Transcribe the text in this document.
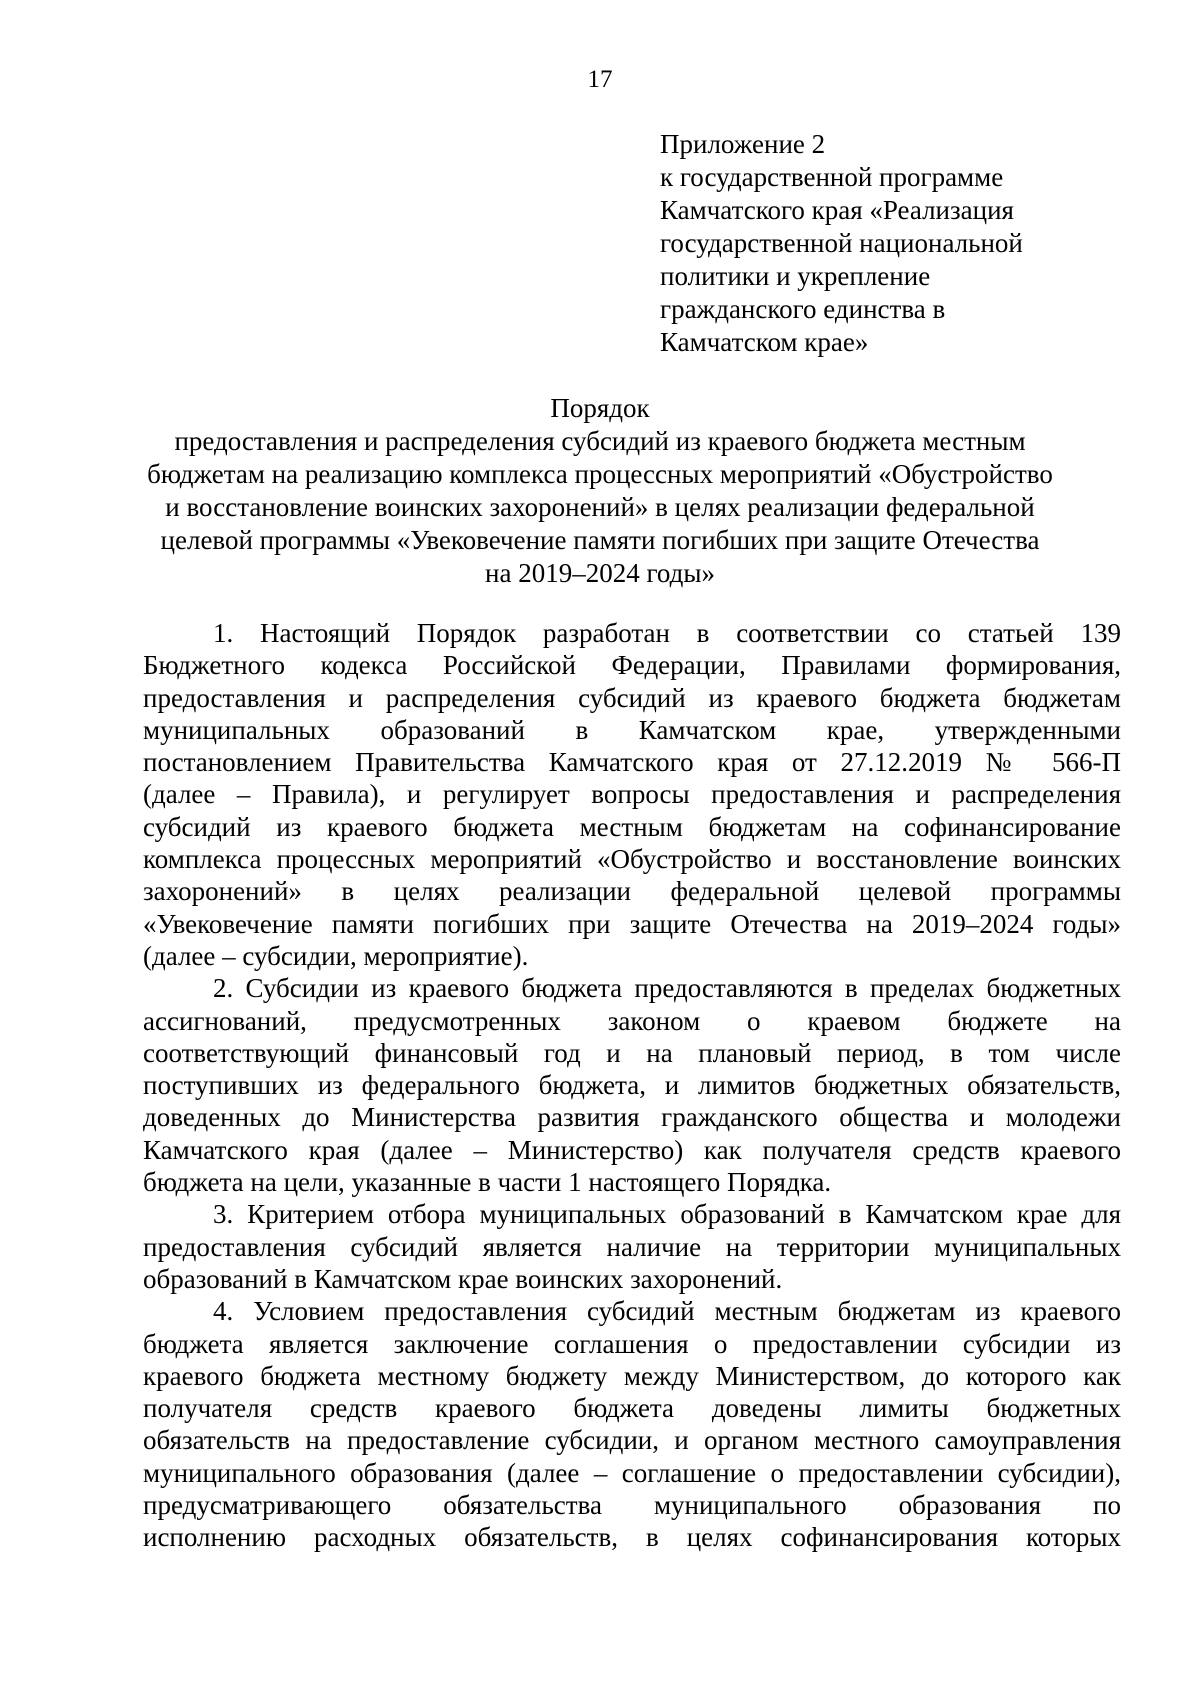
17
Приложение 2
к государственной программе
Камчатского края «Реализация
государственной национальной
политики и укрепление
гражданского единства в
Камчатском крае»
Порядок
предоставления и распределения субсидий из краевого бюджета местным
бюджетам на реализацию комплекса процессных мероприятий «Обустройство
и восстановление воинских захоронений» в целях реализации федеральной
целевой программы «Увековечение памяти погибших при защите Отечества
на 2019–2024 годы»
1. Настоящий Порядок разработан в соответствии со статьей 139
Бюджетного кодекса Российской Федерации, Правилами формирования,
предоставления и распределения субсидий из краевого бюджета бюджетам
муниципальных образований в Камчатском крае, утвержденными
постановлением Правительства Камчатского края от 27.12.2019 № 566-П
(далее – Правила), и регулирует вопросы предоставления и распределения
субсидий из краевого бюджета местным бюджетам на софинансирование
комплекса процессных мероприятий «Обустройство и восстановление воинских
захоронений» в целях реализации федеральной целевой программы
«Увековечение памяти погибших при защите Отечества на 2019–2024 годы»
(далее – субсидии, мероприятие).
2. Субсидии из краевого бюджета предоставляются в пределах бюджетных
ассигнований, предусмотренных законом о краевом бюджете на
соответствующий финансовый год и на плановый период, в том числе
поступивших из федерального бюджета, и лимитов бюджетных обязательств,
доведенных до Министерства развития гражданского общества и молодежи
Камчатского края (далее – Министерство) как получателя средств краевого
бюджета на цели, указанные в части 1 настоящего Порядка.
3. Критерием отбора муниципальных образований в Камчатском крае для
предоставления субсидий является наличие на территории муниципальных
образований в Камчатском крае воинских захоронений.
4. Условием предоставления субсидий местным бюджетам из краевого
бюджета является заключение соглашения о предоставлении субсидии из
краевого бюджета местному бюджету между Министерством, до которого как
получателя средств краевого бюджета доведены лимиты бюджетных
обязательств на предоставление субсидии, и органом местного самоуправления
муниципального образования (далее – соглашение о предоставлении субсидии),
предусматривающего обязательства муниципального образования по
исполнению расходных обязательств, в целях софинансирования которых
